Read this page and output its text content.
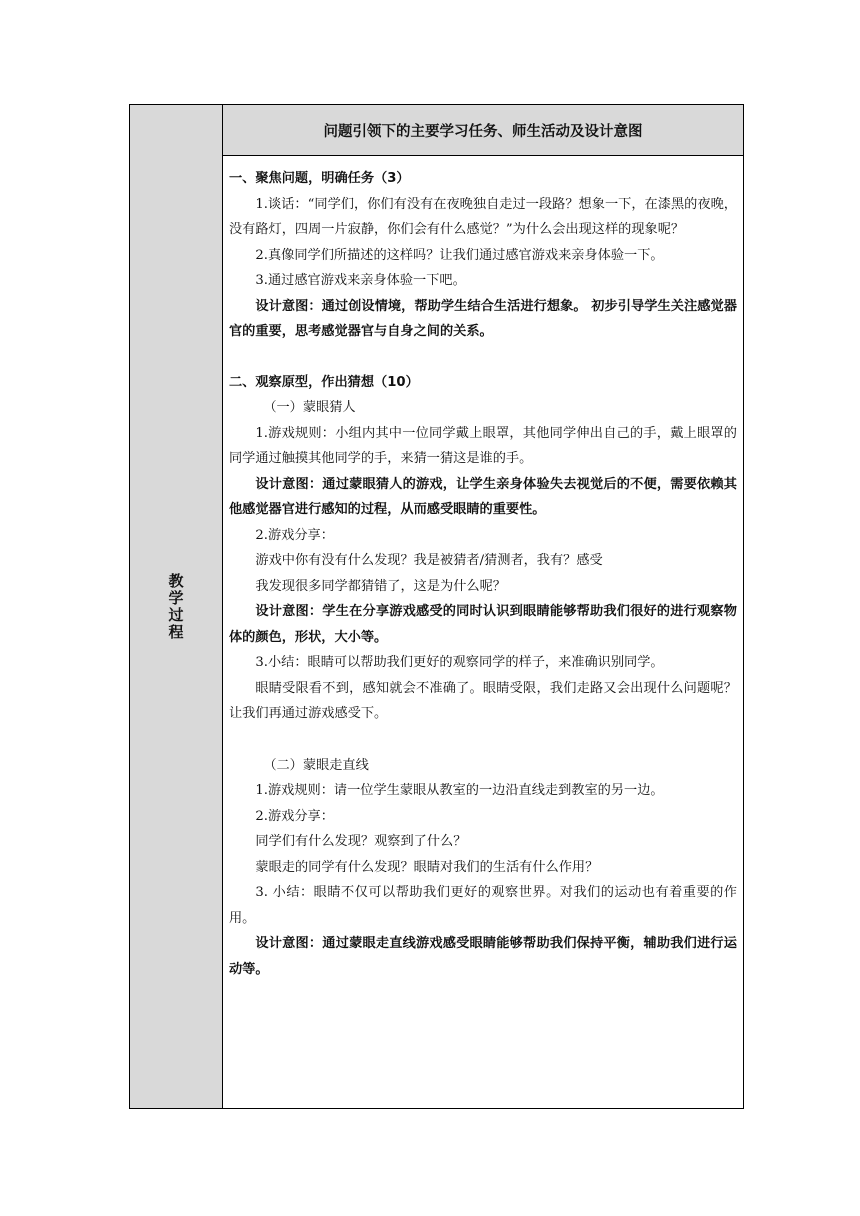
教学过程
问题引领下的主要学习任务、师生活动及设计意图

一、聚焦问题，明确任务（3）

1.谈话：“同学们，你们有没有在夜晚独自走过一段路？想象一下，在漆黑的夜晚，没有路灯，四周一片寂静，你们会有什么感觉？”为什么会出现这样的现象呢？

2.真像同学们所描述的这样吗？让我们通过感官游戏来亲身体验一下。

3.通过感官游戏来亲身体验一下吧。

设计意图：通过创设情境，帮助学生结合生活进行想象。 初步引导学生关注感觉器官的重要，思考感觉器官与自身之间的关系。

二、观察原型，作出猜想（10）

（一）蒙眼猜人

1.游戏规则：小组内其中一位同学戴上眼罩，其他同学伸出自己的手，戴上眼罩的同学通过触摸其他同学的手，来猜一猜这是谁的手。

设计意图：通过蒙眼猜人的游戏，让学生亲身体验失去视觉后的不便，需要依赖其他感觉器官进行感知的过程，从而感受眼睛的重要性。

2.游戏分享：

游戏中你有没有什么发现？我是被猜者/猜测者，我有？感受

我发现很多同学都猜错了，这是为什么呢？

设计意图：学生在分享游戏感受的同时认识到眼睛能够帮助我们很好的进行观察物体的颜色，形状，大小等。

3.小结：眼睛可以帮助我们更好的观察同学的样子，来准确识别同学。

眼睛受限看不到，感知就会不准确了。眼睛受限，我们走路又会出现什么问题呢？让我们再通过游戏感受下。

（二）蒙眼走直线

1.游戏规则：请一位学生蒙眼从教室的一边沿直线走到教室的另一边。

2.游戏分享：

同学们有什么发现？观察到了什么？

蒙眼走的同学有什么发现？眼睛对我们的生活有什么作用？

3. 小结：眼睛不仅可以帮助我们更好的观察世界。对我们的运动也有着重要的作用。

设计意图：通过蒙眼走直线游戏感受眼睛能够帮助我们保持平衡，辅助我们进行运动等。
